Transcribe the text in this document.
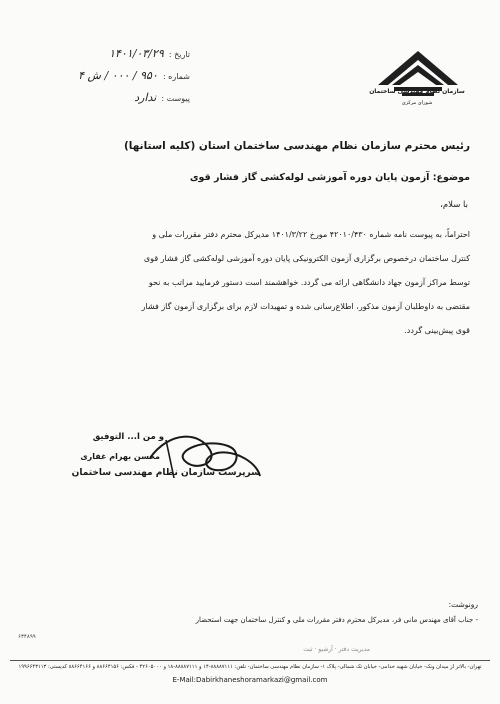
سازمان نظام مهندسی ساختمان
شورای مرکزی
تاریخ : ۱۴۰۱/۰۳/۲۹
شماره : ۹۵۰ / ۰۰۰ / ش ۴
پیوست : ندارد
رئیس محترم سازمان نظام مهندسی ساختمان استان (کلیه استانها)
موضوع: آزمون پایان دوره آموزشی لوله‌کشی گاز فشار قوی
با سلام،
احتراماً، به پیوست نامه شماره ۴۲۰۱۰/۴۳۰ مورخ ۱۴۰۱/۳/۲۲ مدیرکل محترم دفتر مقررات ملی و
کنترل ساختمان درخصوص برگزاری آزمون الکترونیکی پایان دوره آموزشی لوله‌کشی گاز فشار قوی
توسط مراکز آزمون جهاد دانشگاهی ارائه می گردد. خواهشمند است دستور فرمایید مراتب به نحو
مقتضی به داوطلبان آزمون مذکور، اطلاع‌رسانی شده و تمهیدات لازم برای برگزاری آزمون گاز فشار
قوی پیش‌بینی گردد.
و من ا... التوفیق
محسن بهرام غفاری
سرپرست سازمان نظام مهندسی ساختمان
رونوشت:
- جناب آقای مهندس مانی فر، مدیرکل محترم دفتر مقررات ملی و کنترل ساختمان جهت استحضار
۶۳۴۸۹۹
مدیریت دفتر · آرشیو · ثبت
تهران- بالاتر از میدان ونک- خیابان شهید خدامی- خیابان تک شمالی- پلاک ۱- سازمان نظام مهندسی ساختمان- تلفن: ۸۸۸۸۷۱۱۱-۱۴ و ۸۸۸۸۷۱۱۱-۱۸ و ۴۲۶۰۵۰۰۰ - فکس: ۸۸۶۶۴۱۵۶ و ۸۸۶۶۴۱۶۶ کدپستی: ۱۹۹۶۶۴۳۱۱۳
E-Mail:Dabirkhaneshoramarkazi@gmail.com
